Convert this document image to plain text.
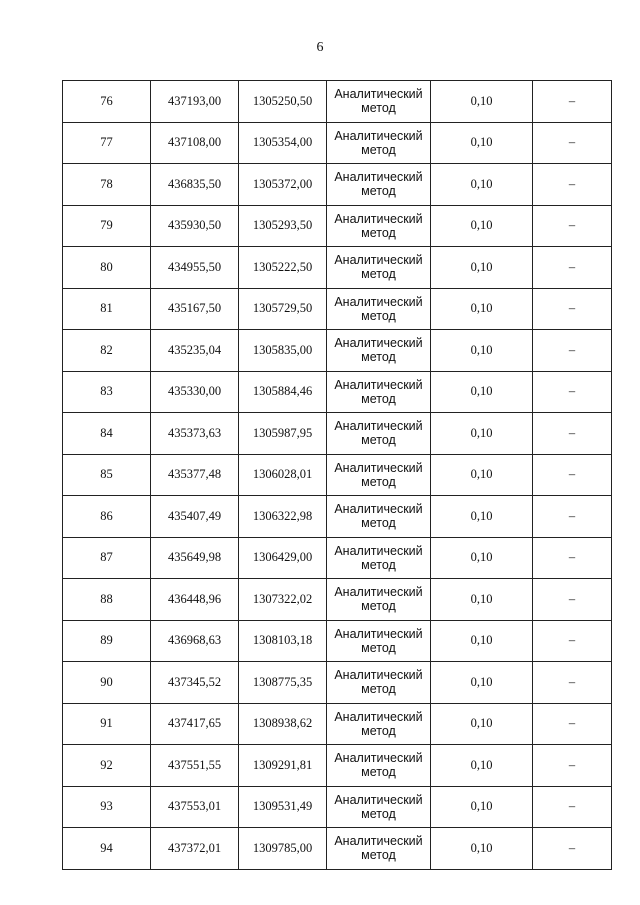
6
76	437193,00	1305250,50	Аналитический
метод	0,10	–
77	437108,00	1305354,00	Аналитический
метод	0,10	–
78	436835,50	1305372,00	Аналитический
метод	0,10	–
79	435930,50	1305293,50	Аналитический
метод	0,10	–
80	434955,50	1305222,50	Аналитический
метод	0,10	–
81	435167,50	1305729,50	Аналитический
метод	0,10	–
82	435235,04	1305835,00	Аналитический
метод	0,10	–
83	435330,00	1305884,46	Аналитический
метод	0,10	–
84	435373,63	1305987,95	Аналитический
метод	0,10	–
85	435377,48	1306028,01	Аналитический
метод	0,10	–
86	435407,49	1306322,98	Аналитический
метод	0,10	–
87	435649,98	1306429,00	Аналитический
метод	0,10	–
88	436448,96	1307322,02	Аналитический
метод	0,10	–
89	436968,63	1308103,18	Аналитический
метод	0,10	–
90	437345,52	1308775,35	Аналитический
метод	0,10	–
91	437417,65	1308938,62	Аналитический
метод	0,10	–
92	437551,55	1309291,81	Аналитический
метод	0,10	–
93	437553,01	1309531,49	Аналитический
метод	0,10	–
94	437372,01	1309785,00	Аналитический
метод	0,10	–
